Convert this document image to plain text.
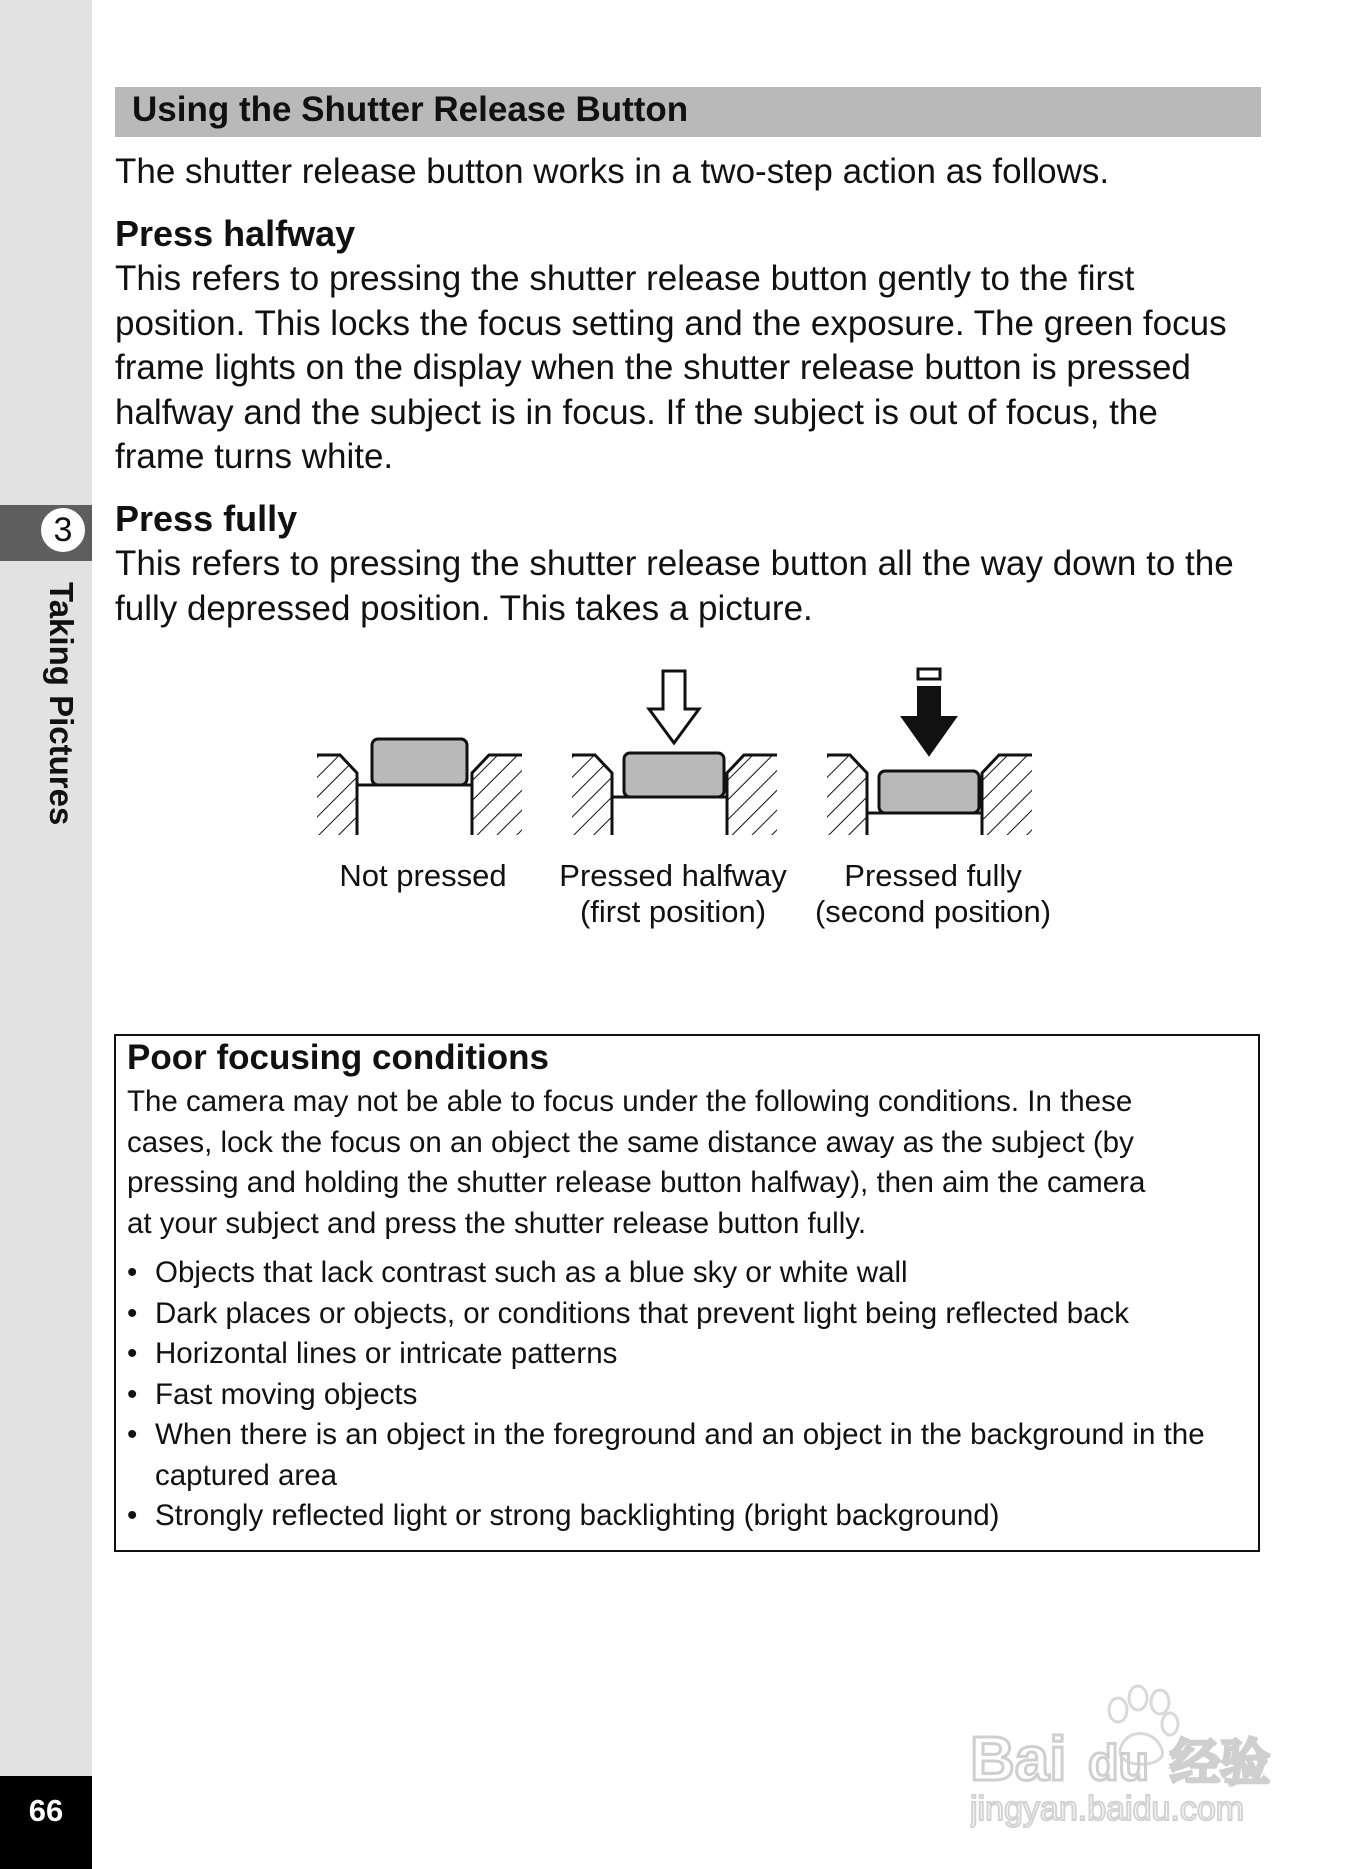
3
Taking Pictures
66
Using the Shutter Release Button
The shutter release button works in a two-step action as follows.
Press halfway
This refers to pressing the shutter release button gently to the first
position. This locks the focus setting and the exposure. The green focus
frame lights on the display when the shutter release button is pressed
halfway and the subject is in focus. If the subject is out of focus, the
frame turns white.
Press fully
This refers to pressing the shutter release button all the way down to the
fully depressed position. This takes a picture.
Not pressed	Pressed halfway
(first position)
Pressed fully
(second position)
Poor focusing conditions
The camera may not be able to focus under the following conditions. In these
cases, lock the focus on an object the same distance away as the subject (by
pressing and holding the shutter release button halfway), then aim the camera
at your subject and press the shutter release button fully.
• Objects that lack contrast such as a blue sky or white wall
• Dark places or objects, or conditions that prevent light being reflected back
• Horizontal lines or intricate patterns
• Fast moving objects
• When there is an object in the foreground and an object in the background in the captured area
• Strongly reflected light or strong backlighting (bright background)
Bai du 经验
jingyan.baidu.com
